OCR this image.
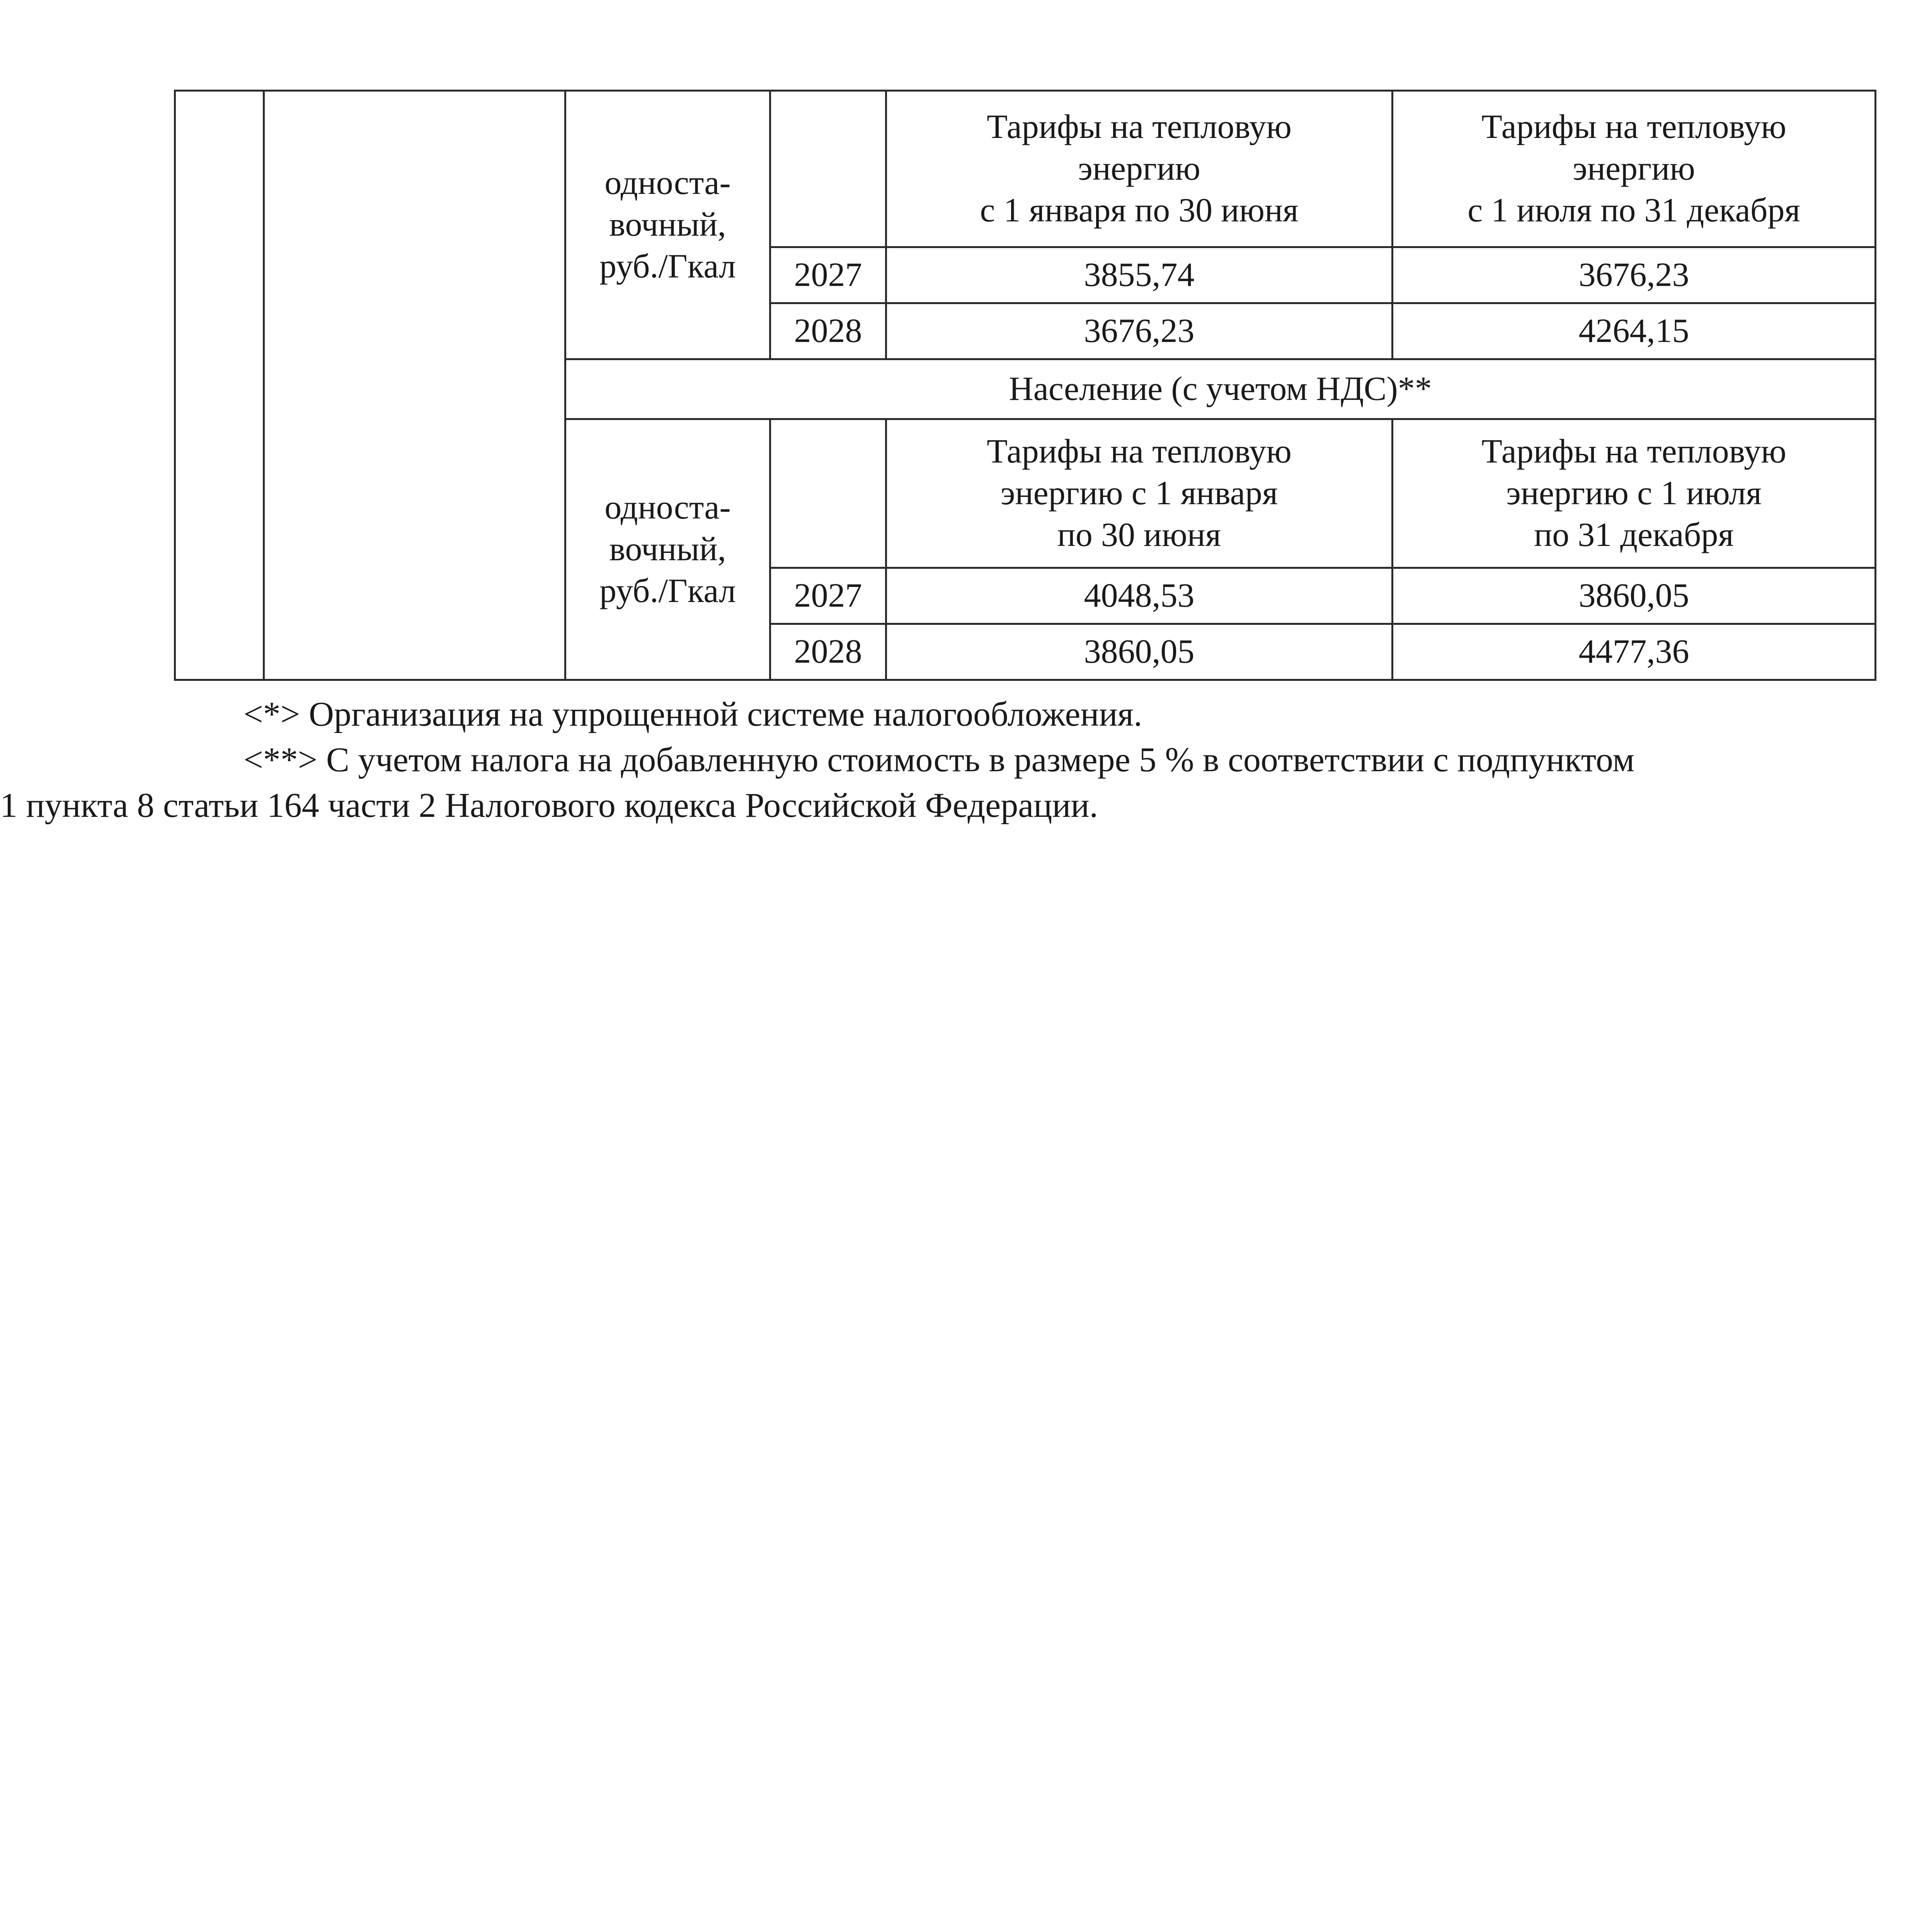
		односта-
вочный,
руб./Гкал		Тарифы на тепловую
энергию
с 1 января по 30 июня	Тарифы на тепловую
энергию
с 1 июля по 31 декабря

			2027	3855,74	3676,23
			2028	3676,23	4264,15
		Население (с учетом НДС)**			

		односта-
вочный,
руб./Гкал		Тарифы на тепловую
энергию с 1 января
по 30 июня	Тарифы на тепловую
энергию с 1 июля
по 31 декабря

			2027	4048,53	3860,05
			2028	3860,05	4477,36

<*> Организация на упрощенной системе налогообложения.

<**> С учетом налога на добавленную стоимость в размере 5 % в соответствии с подпунктом
1 пункта 8 статьи 164 части 2 Налогового кодекса Российской Федерации.
